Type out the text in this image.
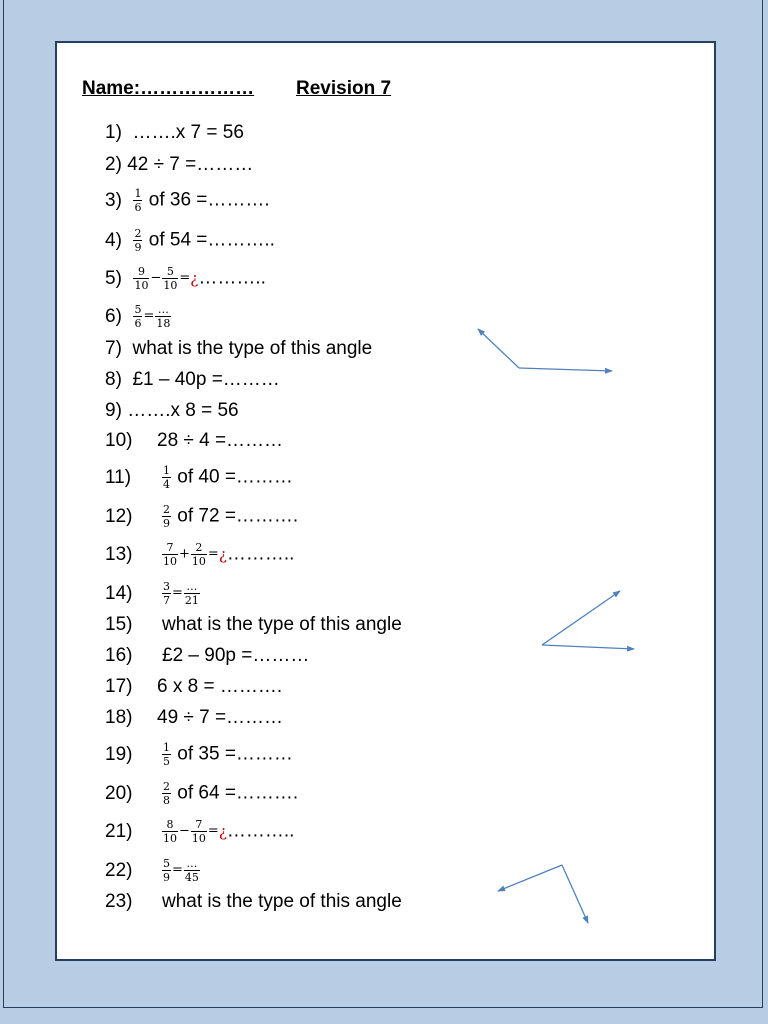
Name:……………… Revision 7
1) …….x 7 = 56
2) 42 ÷ 7 =………
$3) \frac{1}{6}$ of 36 =……….
$4) \frac{2}{9}$ of 54 =………..
$5) \frac{9}{10} - \frac{5}{10}$ =¿………..
$6) \frac{5}{6} = \frac{\dots}{18}$
7) what is the type of this angle
8) £1 – 40p =………
9) …….x 8 = 56
10) 28 ÷ 4 =………
11)	$\frac{1}{4}$ of 40 =………
12)	$\frac{2}{9}$ of 72 =……….
13)	$\frac{7}{10} + \frac{2}{10}$ =¿………..
14)	$\frac{3}{7} = \frac{\dots}{21}$
15) what is the type of this angle
16) £2 – 90p =………
17) 6 x 8 = ……….
18) 49 ÷ 7 =………
19)	$\frac{1}{5}$ of 35 =………
20)	$\frac{2}{8}$ of 64 =……….
21)	$\frac{8}{10} - \frac{7}{10}$ =¿………..
22)	$\frac{5}{9} = \frac{\dots}{45}$
23) what is the type of this angle
